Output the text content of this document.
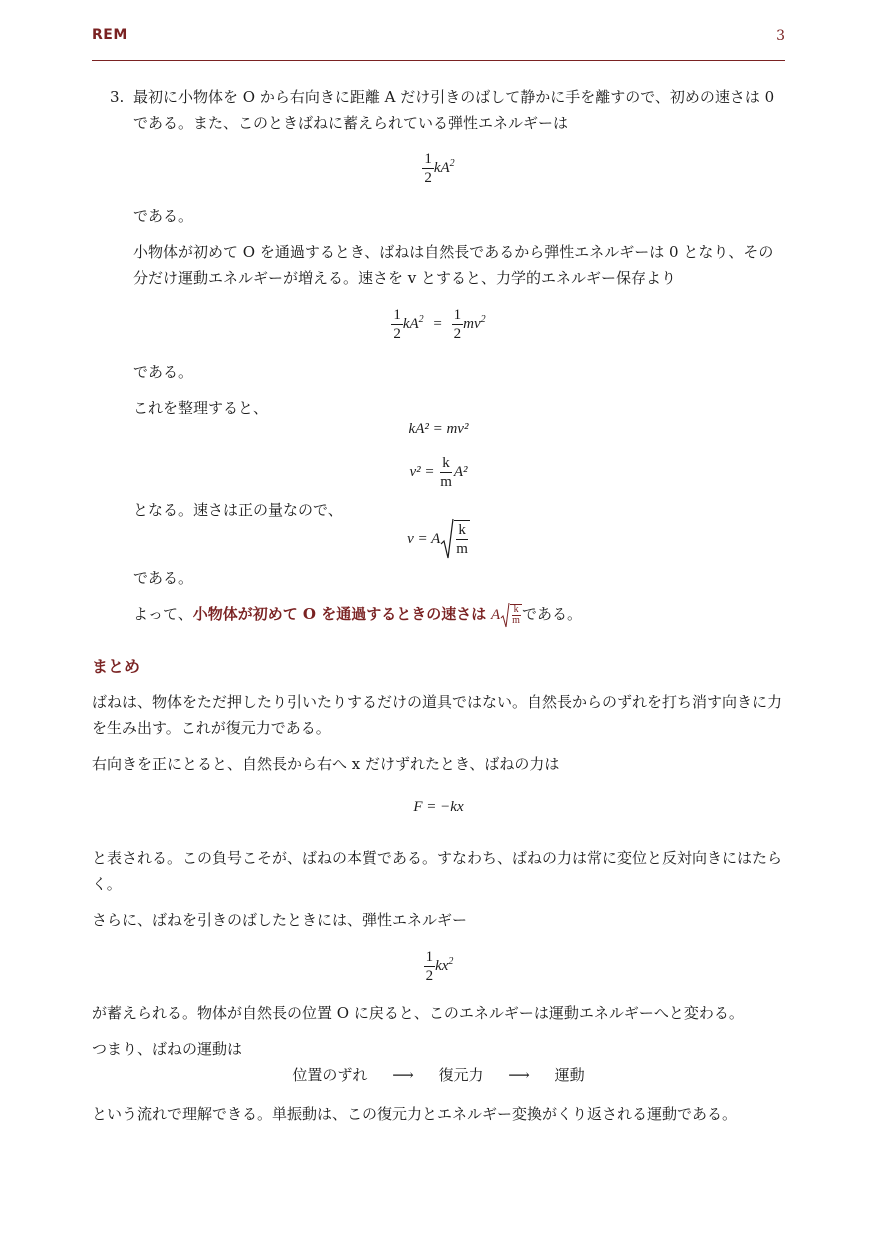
REM	3
3. 最初に小物体を O から右向きに距離 A だけ引きのばして静かに手を離すので、初めの速さは 0 である。また、このときばねに蓄えられている弾性エネルギーは
$\frac{1}{2} kA^2$
である。
小物体が初めて O を通過するとき、ばねは自然長であるから弾性エネルギーは 0 となり、その分だけ運動エネルギーが増える。速さを v とすると、力学的エネルギー保存より
$\frac{1}{2} kA^2 = \frac{1}{2} mv^2$
である。
これを整理すると、
kA² = mv²
$v^2 = \frac{k}{m} A^2$
となる。速さは正の量なので、
v = A $\frac{k}{m}$
である。
よって、小物体が初めて O を通過するときの速さは A $\frac{k}{m}$ である。
まとめ
ばねは、物体をただ押したり引いたりするだけの道具ではない。自然長からのずれを打ち消す向きに力を生み出す。これが復元力である。
右向きを正にとると、自然長から右へ x だけずれたとき、ばねの力は
F = −kx
と表される。この負号こそが、ばねの本質である。すなわち、ばねの力は常に変位と反対向きにはたらく。
さらに、ばねを引きのばしたときには、弾性エネルギー
$\frac{1}{2} kx^2$
が蓄えられる。物体が自然長の位置 O に戻ると、このエネルギーは運動エネルギーへと変わる。
つまり、ばねの運動は
位置のずれ ⟶ 復元力 ⟶ 運動
という流れで理解できる。単振動は、この復元力とエネルギー変換がくり返される運動である。
